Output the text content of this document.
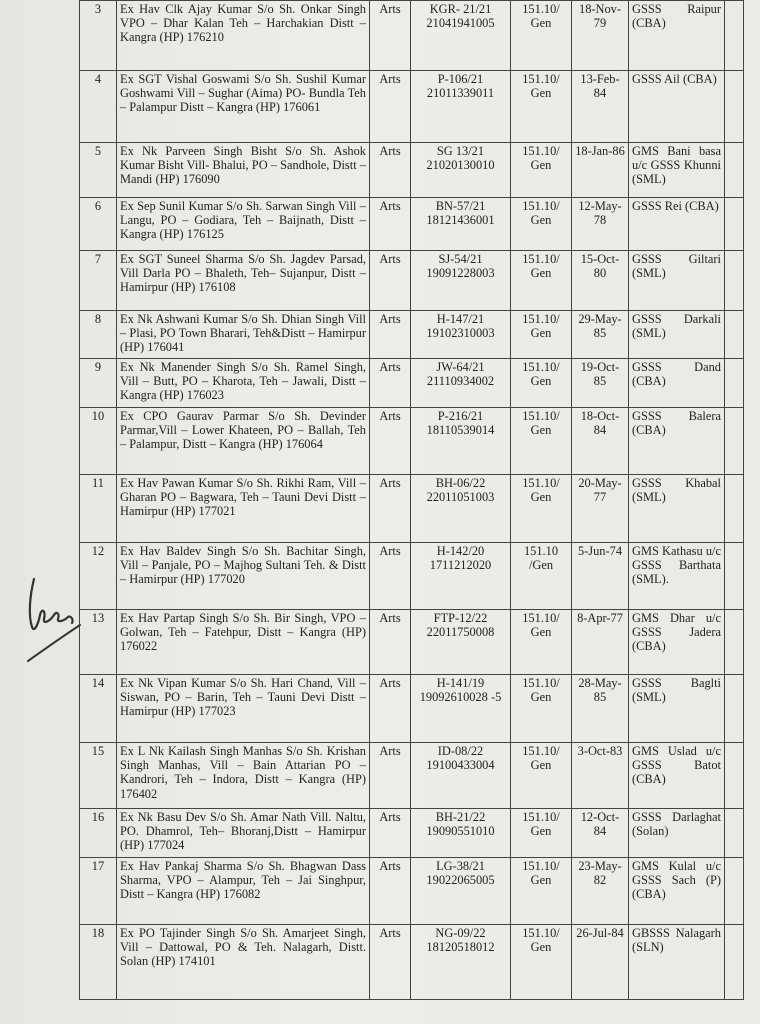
3	Ex Hav Clk Ajay Kumar S/o Sh. Onkar Singh VPO – Dhar Kalan Teh – Harchakian Distt – Kangra (HP) 176210	Arts	KGR- 21/21 21041941005	151.10/ Gen	18-Nov-79	GSSS Raipur (CBA)	
4	Ex SGT Vishal Goswami S/o Sh. Sushil Kumar Goshwami Vill – Sughar (Aima) PO- Bundla Teh – Palampur Distt – Kangra (HP) 176061	Arts	P-106/21 21011339011	151.10/ Gen	13-Feb-84	GSSS Ail (CBA)	
5	Ex Nk Parveen Singh Bisht S/o Sh. Ashok Kumar Bisht Vill- Bhalui, PO – Sandhole, Distt – Mandi (HP) 176090	Arts	SG 13/21 21020130010	151.10/ Gen	18-Jan-86	GMS Bani basa u/c GSSS Khunni (SML)	
6	Ex Sep Sunil Kumar S/o Sh. Sarwan Singh Vill – Langu, PO – Godiara, Teh – Baijnath, Distt –Kangra (HP) 176125	Arts	BN-57/21 18121436001	151.10/ Gen	12-May-78	GSSS Rei (CBA)	
7	Ex SGT Suneel Sharma S/o Sh. Jagdev Parsad, Vill Darla PO – Bhaleth, Teh– Sujanpur, Distt – Hamirpur (HP) 176108	Arts	SJ-54/21 19091228003	151.10/ Gen	15-Oct-80	GSSS Giltari (SML)	
8	Ex Nk Ashwani Kumar S/o Sh. Dhian Singh Vill – Plasi, PO Town Bharari, Teh&Distt – Hamirpur (HP) 176041	Arts	H-147/21 19102310003	151.10/ Gen	29-May-85	GSSS Darkali (SML)	
9	Ex Nk Manender Singh S/o Sh. Ramel Singh, Vill – Butt, PO – Kharota, Teh – Jawali, Distt – Kangra (HP) 176023	Arts	JW-64/21 21110934002	151.10/ Gen	19-Oct-85	GSSS Dand (CBA)	
10	Ex CPO Gaurav Parmar S/o Sh. Devinder Parmar,Vill – Lower Khateen, PO – Ballah, Teh – Palampur, Distt – Kangra (HP) 176064	Arts	P-216/21 18110539014	151.10/ Gen	18-Oct-84	GSSS Balera (CBA)	
11	Ex Hav Pawan Kumar S/o Sh. Rikhi Ram, Vill – Gharan PO – Bagwara, Teh – Tauni Devi Distt – Hamirpur (HP) 177021	Arts	BH-06/22 22011051003	151.10/ Gen	20-May-77	GSSS Khabal (SML)	
12	Ex Hav Baldev Singh S/o Sh. Bachitar Singh, Vill – Panjale, PO – Majhog Sultani Teh. & Distt – Hamirpur (HP) 177020	Arts	H-142/20 1711212020	151.10 /Gen	5-Jun-74	GMS Kathasu u/c GSSS Barthata (SML).	
13	Ex Hav Partap Singh S/o Sh. Bir Singh, VPO – Golwan, Teh – Fatehpur, Distt – Kangra (HP) 176022	Arts	FTP-12/22 22011750008	151.10/ Gen	8-Apr-77	GMS Dhar u/c GSSS Jadera (CBA)	
14	Ex Nk Vipan Kumar S/o Sh. Hari Chand, Vill – Siswan, PO – Barin, Teh – Tauni Devi Distt – Hamirpur (HP) 177023	Arts	H-141/19 19092610028 -5	151.10/ Gen	28-May-85	GSSS Baglti (SML)	
15	Ex L Nk Kailash Singh Manhas S/o Sh. Krishan Singh Manhas, Vill – Bain Attarian PO – Kandrori, Teh – Indora, Distt – Kangra (HP) 176402	Arts	ID-08/22 19100433004	151.10/ Gen	3-Oct-83	GMS Uslad u/c GSSS Batot (CBA)	
16	Ex Nk Basu Dev S/o Sh. Amar Nath Vill. Naltu, PO. Dhamrol, Teh– Bhoranj,Distt – Hamirpur (HP) 177024	Arts	BH-21/22 19090551010	151.10/ Gen	12-Oct-84	GSSS Darlaghat (Solan)	
17	Ex Hav Pankaj Sharma S/o Sh. Bhagwan Dass Sharma, VPO – Alampur, Teh – Jai Singhpur, Distt – Kangra (HP) 176082	Arts	LG-38/21 19022065005	151.10/ Gen	23-May-82	GMS Kulal u/c GSSS Sach (P) (CBA)	
18	Ex PO Tajinder Singh S/o Sh. Amarjeet Singh, Vill – Dattowal, PO & Teh. Nalagarh, Distt. Solan (HP) 174101	Arts	NG-09/22 18120518012	151.10/ Gen	26-Jul-84	GBSSS Nalagarh (SLN)	
